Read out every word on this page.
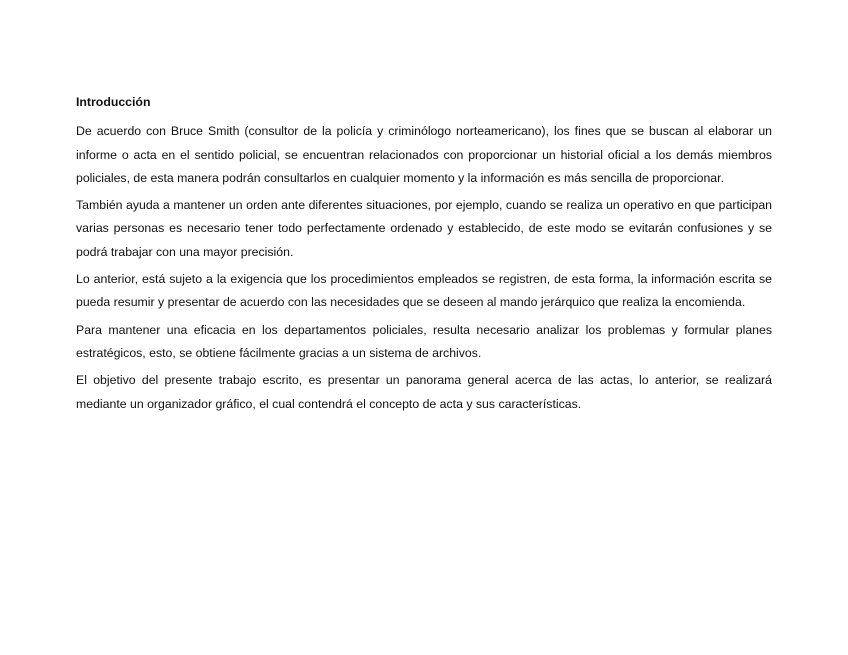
Introducción

De acuerdo con Bruce Smith (consultor de la policía y criminólogo norteamericano), los fines que se buscan al elaborar un informe o acta en el sentido policial, se encuentran relacionados con proporcionar un historial oficial a los demás miembros policiales, de esta manera podrán consultarlos en cualquier momento y la información es más sencilla de proporcionar.

También ayuda a mantener un orden ante diferentes situaciones, por ejemplo, cuando se realiza un operativo en que participan varias personas es necesario tener todo perfectamente ordenado y establecido, de este modo se evitarán confusiones y se podrá trabajar con una mayor precisión.

Lo anterior, está sujeto a la exigencia que los procedimientos empleados se registren, de esta forma, la información escrita se pueda resumir y presentar de acuerdo con las necesidades que se deseen al mando jerárquico que realiza la encomienda.

Para mantener una eficacia en los departamentos policiales, resulta necesario analizar los problemas y formular planes estratégicos, esto, se obtiene fácilmente gracias a un sistema de archivos.

El objetivo del presente trabajo escrito, es presentar un panorama general acerca de las actas, lo anterior, se realizará mediante un organizador gráfico, el cual contendrá el concepto de acta y sus características.
